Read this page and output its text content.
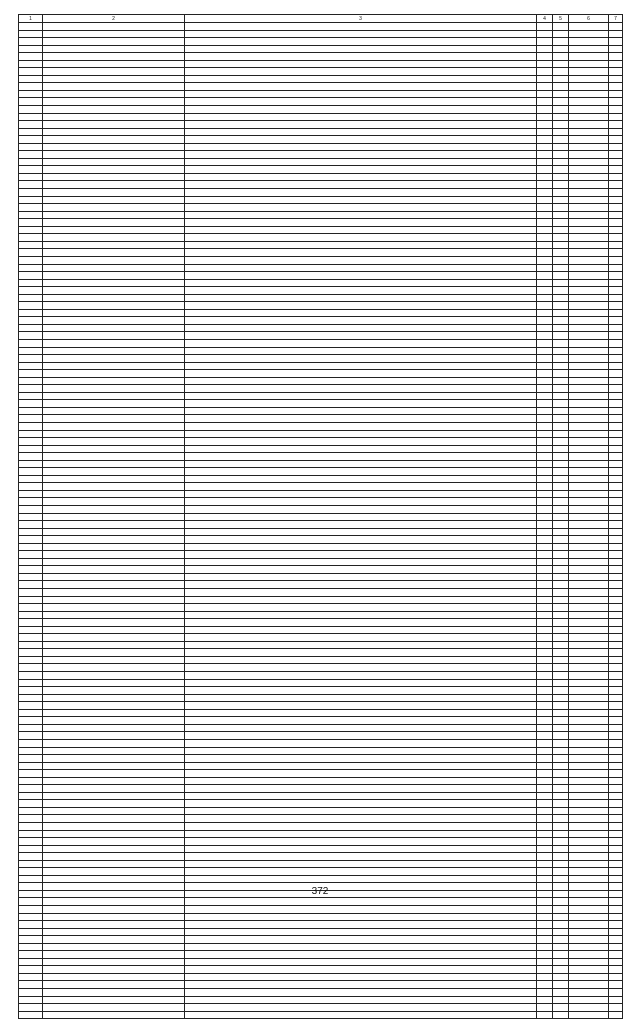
1	2	3	4	5	6	7

372
